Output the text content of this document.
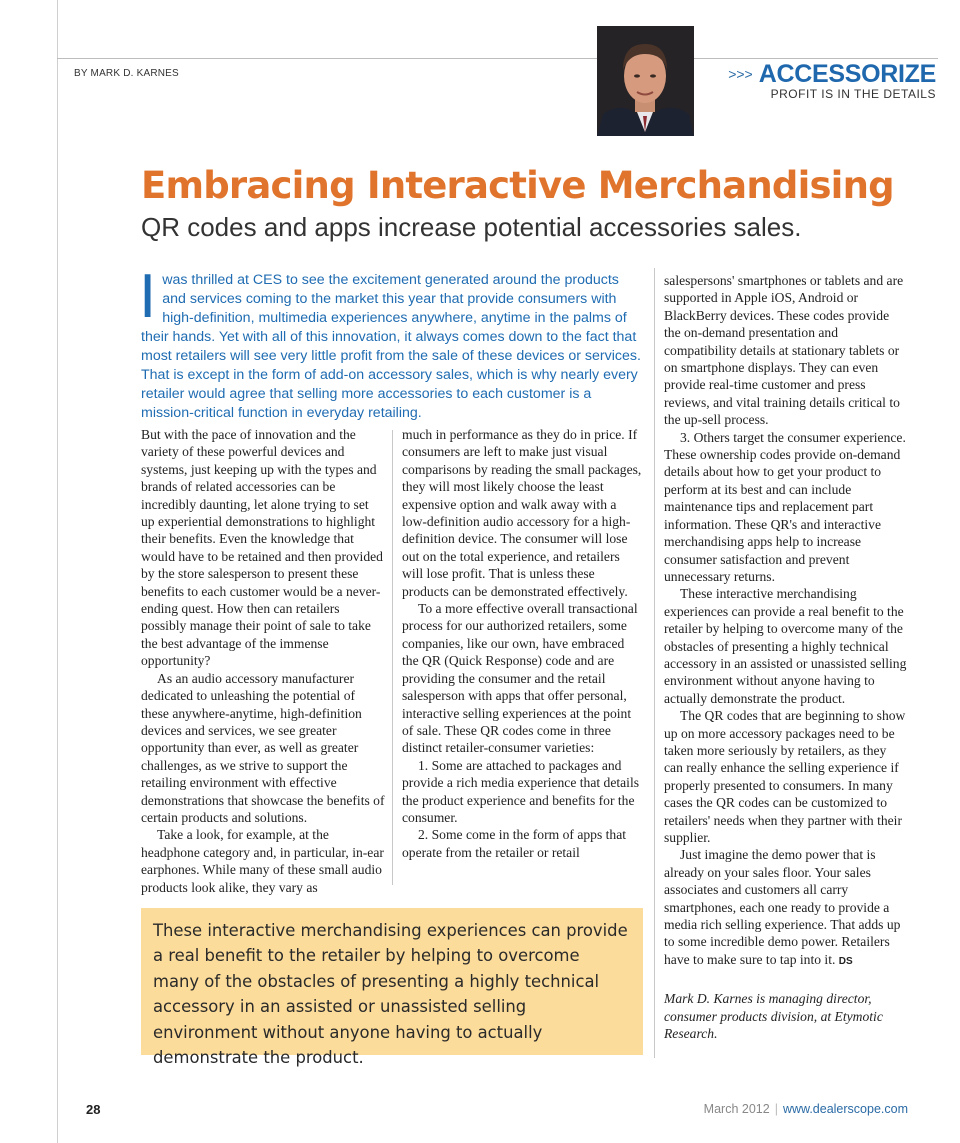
BY MARK D. KARNES	>>> ACCESSORIZE
PROFIT IS IN THE DETAILS
Embracing Interactive Merchandising
QR codes and apps increase potential accessories sales.
Iwas thrilled at CES to see the excitement generated around the products and services coming to the market this year that provide consumers with high-definition, multimedia experiences anywhere, anytime in the palms of their hands. Yet with all of this innovation, it always comes down to the fact that most retailers will see very little profit from the sale of these devices or services. That is except in the form of add-on accessory sales, which is why nearly every retailer would agree that selling more accessories to each customer is a mission-critical function in everyday retailing.

But with the pace of innovation and the variety of these powerful devices and systems, just keeping up with the types and brands of related accessories can be incredibly daunting, let alone trying to set up experiential demonstrations to highlight their benefits. Even the knowledge that would have to be retained and then provided by the store salesperson to present these benefits to each customer would be a never-ending quest. How then can retailers possibly manage their point of sale to take the best advantage of the immense opportunity?

As an audio accessory manufacturer dedicated to unleashing the potential of these anywhere-anytime, high-definition devices and services, we see greater opportunity than ever, as well as greater challenges, as we strive to support the retailing environment with effective demonstrations that showcase the benefits of certain products and solutions.

Take a look, for example, at the headphone category and, in particular, in-ear earphones. While many of these small audio products look alike, they vary as

much in performance as they do in price. If consumers are left to make just visual comparisons by reading the small packages, they will most likely choose the least expensive option and walk away with a low-definition audio accessory for a high-definition device. The consumer will lose out on the total experience, and retailers will lose profit. That is unless these products can be demonstrated effectively.

To a more effective overall transactional process for our authorized retailers, some companies, like our own, have embraced the QR (Quick Response) code and are providing the consumer and the retail salesperson with apps that offer personal, interactive selling experiences at the point of sale. These QR codes come in three distinct retailer-consumer varieties:

1. Some are attached to packages and provide a rich media experience that details the product experience and benefits for the consumer.

2. Some come in the form of apps that operate from the retailer or retail

salespersons' smartphones or tablets and are supported in Apple iOS, Android or BlackBerry devices. These codes provide the on-demand presentation and compatibility details at stationary tablets or on smartphone displays. They can even provide real-time customer and press reviews, and vital training details critical to the up-sell process.

3. Others target the consumer experience. These ownership codes provide on-demand details about how to get your product to perform at its best and can include maintenance tips and replacement part information. These QR's and interactive merchandising apps help to increase consumer satisfaction and prevent unnecessary returns.

These interactive merchandising experiences can provide a real benefit to the retailer by helping to overcome many of the obstacles of presenting a highly technical accessory in an assisted or unassisted selling environment without anyone having to actually demonstrate the product.

The QR codes that are beginning to show up on more accessory packages need to be taken more seriously by retailers, as they can really enhance the selling experience if properly presented to consumers. In many cases the QR codes can be customized to retailers' needs when they partner with their supplier.

Just imagine the demo power that is already on your sales floor. Your sales associates and customers all carry smartphones, each one ready to provide a media rich selling experience. That adds up to some incredible demo power. Retailers have to make sure to tap into it. DS

Mark D. Karnes is managing director, consumer products division, at Etymotic Research.

These interactive merchandising experiences can provide a real benefit to the retailer by helping to overcome many of the obstacles of presenting a highly technical accessory in an assisted or unassisted selling environment without anyone having to actually demonstrate the product.
28	March 2012 | www.dealerscope.com
